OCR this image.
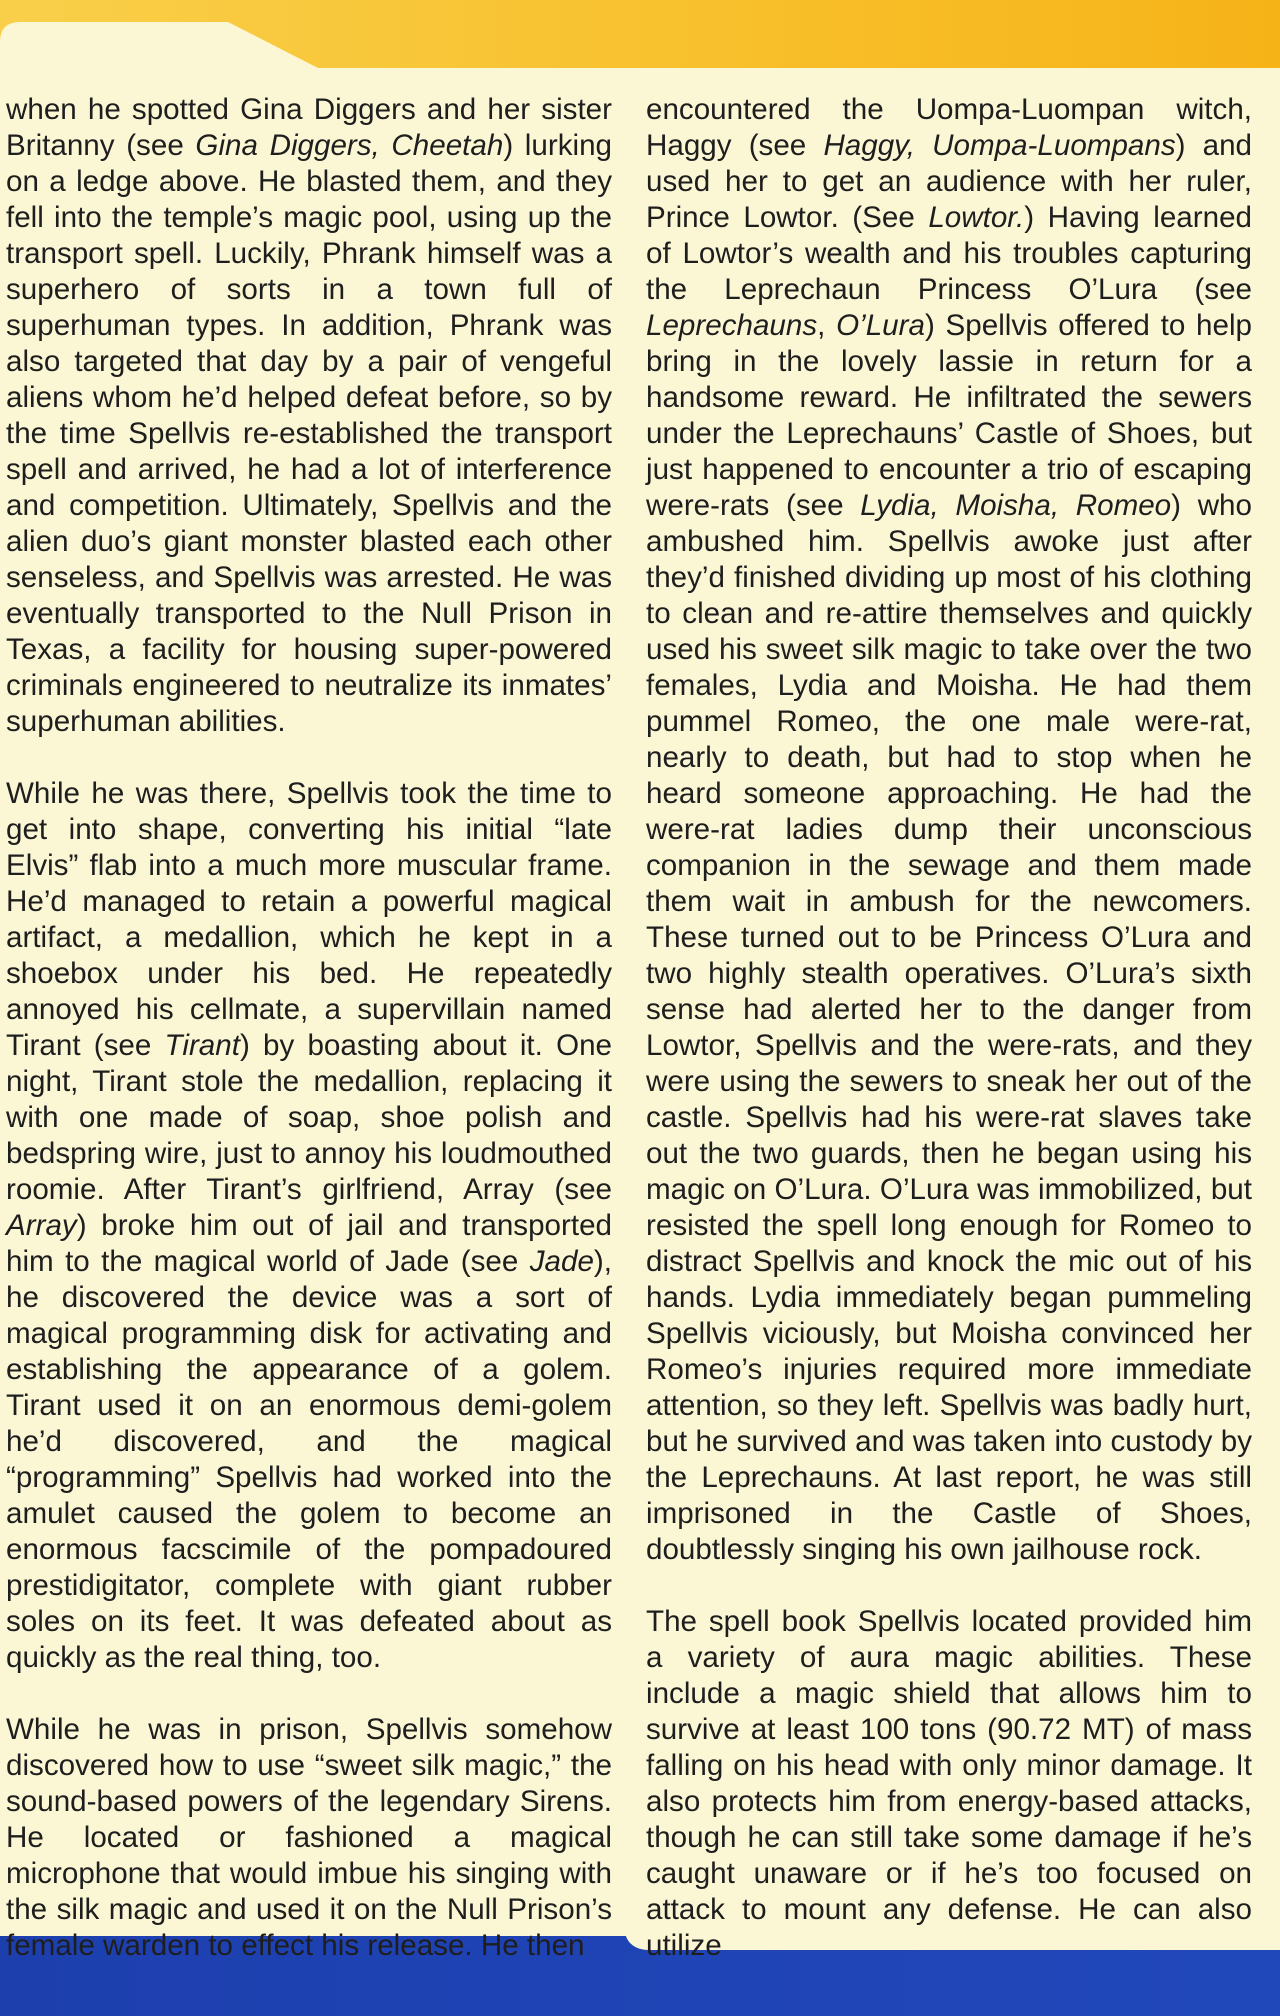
when he spotted Gina Diggers and her sister Britanny (see Gina Diggers, Cheetah) lurking on a ledge above. He blasted them, and they fell into the temple’s magic pool, using up the transport spell. Luckily, Phrank himself was a superhero of sorts in a town full of superhuman types. In addition, Phrank was also targeted that day by a pair of vengeful aliens whom he’d helped defeat before, so by the time Spellvis re-established the transport spell and arrived, he had a lot of interference and competition. Ultimately, Spellvis and the alien duo’s giant monster blasted each other senseless, and Spellvis was arrested. He was eventually transported to the Null Prison in Texas, a facility for housing super-powered criminals engineered to neutralize its inmates’ superhuman abilities.

While he was there, Spellvis took the time to get into shape, converting his initial “late Elvis” flab into a much more muscular frame. He’d managed to retain a powerful magical artifact, a medallion, which he kept in a shoebox under his bed. He repeatedly annoyed his cellmate, a supervillain named Tirant (see Tirant) by boasting about it. One night, Tirant stole the medallion, replacing it with one made of soap, shoe polish and bedspring wire, just to annoy his loudmouthed roomie. After Tirant’s girlfriend, Array (see Array) broke him out of jail and transported him to the magical world of Jade (see Jade), he discovered the device was a sort of magical programming disk for activating and establishing the appearance of a golem. Tirant used it on an enormous demi-golem he’d discovered, and the magical “programming” Spellvis had worked into the amulet caused the golem to become an enormous facscimile of the pompadoured prestidigitator, complete with giant rubber soles on its feet. It was defeated about as quickly as the real thing, too.

While he was in prison, Spellvis somehow discovered how to use “sweet silk magic,” the sound-based powers of the legendary Sirens. He located or fashioned a magical microphone that would imbue his singing with the silk magic and used it on the Null Prison’s female warden to effect his release. He then

encountered the Uompa-Luompan witch, Haggy (see Haggy, Uompa-Luompans) and used her to get an audience with her ruler, Prince Lowtor. (See Lowtor.) Having learned of Lowtor’s wealth and his troubles capturing the Leprechaun Princess O’Lura (see Leprechauns, O’Lura) Spellvis offered to help bring in the lovely lassie in return for a handsome reward. He infiltrated the sewers under the Leprechauns’ Castle of Shoes, but just happened to encounter a trio of escaping were-rats (see Lydia, Moisha, Romeo) who ambushed him. Spellvis awoke just after they’d finished dividing up most of his clothing to clean and re-attire themselves and quickly used his sweet silk magic to take over the two females, Lydia and Moisha. He had them pummel Romeo, the one male were-rat, nearly to death, but had to stop when he heard someone approaching. He had the were-rat ladies dump their unconscious companion in the sewage and them made them wait in ambush for the newcomers. These turned out to be Princess O’Lura and two highly stealth operatives. O’Lura’s sixth sense had alerted her to the danger from Lowtor, Spellvis and the were-rats, and they were using the sewers to sneak her out of the castle. Spellvis had his were-rat slaves take out the two guards, then he began using his magic on O’Lura. O’Lura was immobilized, but resisted the spell long enough for Romeo to distract Spellvis and knock the mic out of his hands. Lydia immediately began pummeling Spellvis viciously, but Moisha convinced her Romeo’s injuries required more immediate attention, so they left. Spellvis was badly hurt, but he survived and was taken into custody by the Leprechauns. At last report, he was still imprisoned in the Castle of Shoes, doubtlessly singing his own jailhouse rock.

The spell book Spellvis located provided him a variety of aura magic abilities. These include a magic shield that allows him to survive at least 100 tons (90.72 MT) of mass falling on his head with only minor damage. It also protects him from energy-based attacks, though he can still take some damage if he’s caught unaware or if he’s too focused on attack to mount any defense. He can also utilize
